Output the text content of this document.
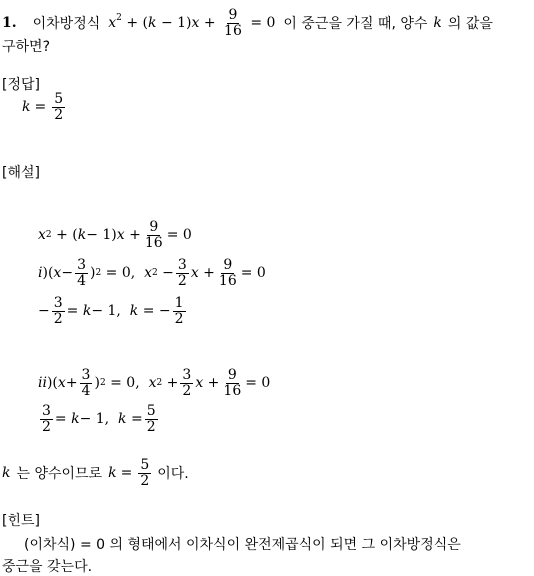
1. 이차방정식 $x^2 + (k - 1)x + \frac{9}{16} = 0$ 이 중근을 가질 때, 양수 k 의 값을
구하면?
[정답]
$k = \frac{5}{2}$
[해설]
x 2 + ( k − 1) $x + \frac{9}{16} = 0$
i )( $x - \frac{3}{4}$ ) 2 = 0, x $2 - \frac{3}{2}$ $x + \frac{9}{16} = 0$
− $\frac{3}{2} = k - 1$, k = − $\frac{1}{2}$
ii )( $x + \frac{3}{4}$ ) 2 = 0, x $2 + \frac{3}{2}$ $x + \frac{9}{16} = 0$
$\frac{3}{2} = k - 1$, $k = \frac{5}{2}$
k 는 양수이므로 $k = \frac{5}{2}$ 이다.
[힌트]
(이차식) = 0 의 형태에서 이차식이 완전제곱식이 되면 그 이차방정식은
중근을 갖는다.
